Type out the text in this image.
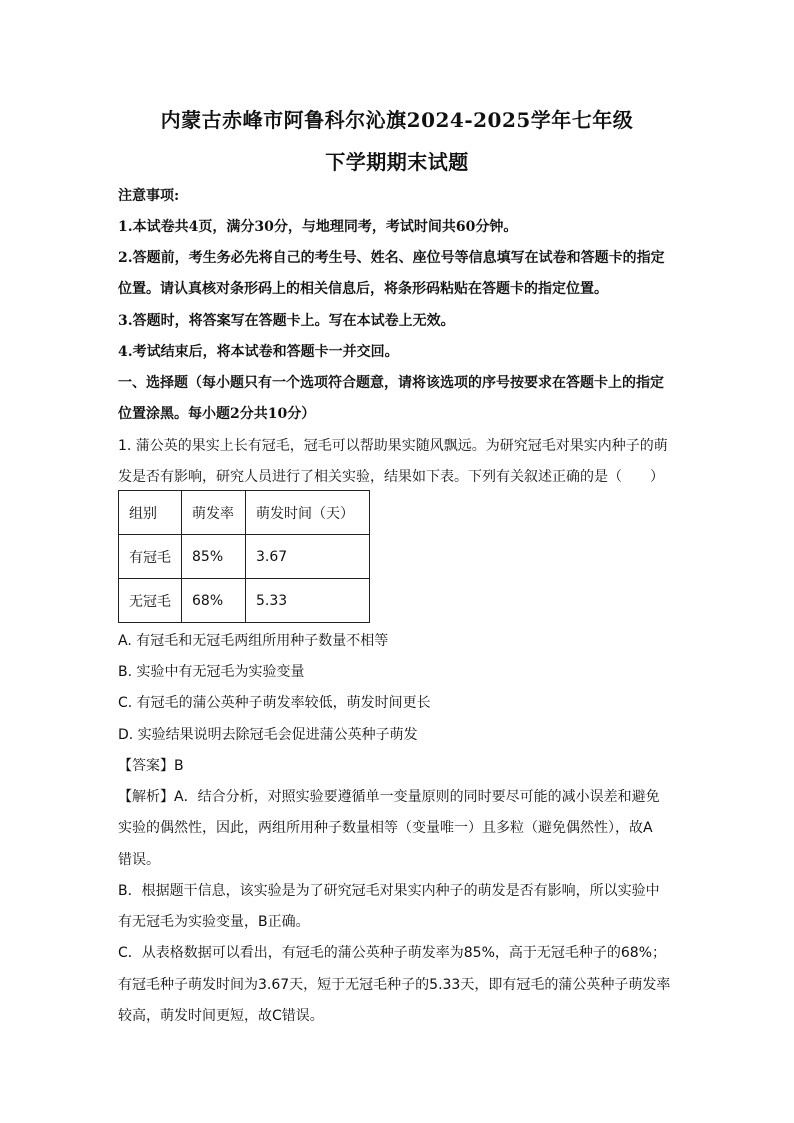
内蒙古赤峰市阿鲁科尔沁旗2024-2025学年七年级
下学期期末试题
注意事项:
1.本试卷共4页，满分30分，与地理同考，考试时间共60分钟。
2.答题前，考生务必先将自己的考生号、姓名、座位号等信息填写在试卷和答题卡的指定
位置。请认真核对条形码上的相关信息后，将条形码粘贴在答题卡的指定位置。
3.答题时，将答案写在答题卡上。写在本试卷上无效。
4.考试结束后，将本试卷和答题卡一并交回。
一、选择题（每小题只有一个选项符合题意，请将该选项的序号按要求在答题卡上的指定
位置涂黑。每小题2分共10分）
1. 蒲公英的果实上长有冠毛，冠毛可以帮助果实随风飘远。为研究冠毛对果实内种子的萌
发是否有影响，研究人员进行了相关实验，结果如下表。下列有关叙述正确的是（　　）
组别	萌发率	萌发时间（天）
有冠毛	85%	3.67
无冠毛	68%	5.33
A. 有冠毛和无冠毛两组所用种子数量不相等
B. 实验中有无冠毛为实验变量
C. 有冠毛的蒲公英种子萌发率较低，萌发时间更长
D. 实验结果说明去除冠毛会促进蒲公英种子萌发
【答案】B
【解析】A．结合分析，对照实验要遵循单一变量原则的同时要尽可能的减小误差和避免
实验的偶然性，因此，两组所用种子数量相等（变量唯一）且多粒（避免偶然性），故A
错误。
B．根据题干信息，该实验是为了研究冠毛对果实内种子的萌发是否有影响，所以实验中
有无冠毛为实验变量，B正确。
C．从表格数据可以看出，有冠毛的蒲公英种子萌发率为85%，高于无冠毛种子的68%；
有冠毛种子萌发时间为3.67天，短于无冠毛种子的5.33天，即有冠毛的蒲公英种子萌发率
较高，萌发时间更短，故C错误。
